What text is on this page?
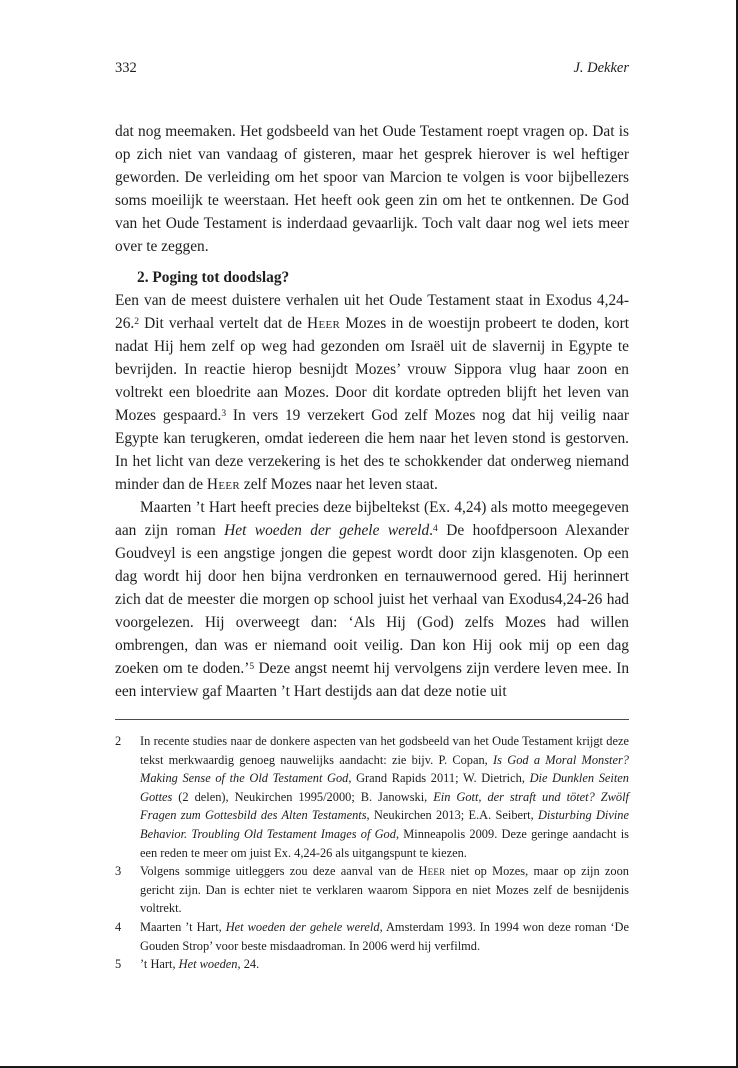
332	J. Dekker

dat nog meemaken. Het godsbeeld van het Oude Testament roept vragen op. Dat is op zich niet van vandaag of gisteren, maar het gesprek hierover is wel heftiger geworden. De verleiding om het spoor van Marcion te volgen is voor bijbellezers soms moeilijk te weerstaan. Het heeft ook geen zin om het te ontkennen. De God van het Oude Testament is inderdaad gevaarlijk. Toch valt daar nog wel iets meer over te zeggen.

2. Poging tot doodslag?

Een van de meest duistere verhalen uit het Oude Testament staat in Exodus 4,24-26.$^2$ Dit verhaal vertelt dat de Heer Mozes in de woestijn probeert te doden, kort nadat Hij hem zelf op weg had gezonden om Israël uit de slavernij in Egypte te bevrijden. In reactie hierop besnijdt Mozes’ vrouw Sippora vlug haar zoon en voltrekt een bloedrite aan Mozes. Door dit kordate optreden blijft het leven van Mozes gespaard.$^3$ In vers 19 verzekert God zelf Mozes nog dat hij veilig naar Egypte kan terugkeren, omdat iedereen die hem naar het leven stond is gestorven. In het licht van deze verzekering is het des te schokkender dat onderweg niemand minder dan de Heer zelf Mozes naar het leven staat.

Maarten ’t Hart heeft precies deze bijbeltekst (Ex. 4,24) als motto meegegeven aan zijn roman Het woeden der gehele wereld.$^4$ De hoofdpersoon Alexander Goudveyl is een angstige jongen die gepest wordt door zijn klasgenoten. Op een dag wordt hij door hen bijna verdronken en ternauwernood gered. Hij herinnert zich dat de meester die morgen op school juist het verhaal van Exodus4,24-26 had voorgelezen. Hij overweegt dan: ‘Als Hij (God) zelfs Mozes had willen ombrengen, dan was er niemand ooit veilig. Dan kon Hij ook mij op een dag zoeken om te doden.’$^5$ Deze angst neemt hij vervolgens zijn verdere leven mee. In een interview gaf Maarten ’t Hart destijds aan dat deze notie uit

2	In recente studies naar de donkere aspecten van het godsbeeld van het Oude Testament krijgt deze tekst merkwaardig genoeg nauwelijks aandacht: zie bijv. P. Copan, Is God a Moral Monster? Making Sense of the Old Testament God, Grand Rapids 2011; W. Dietrich, Die Dunklen Seiten Gottes (2 delen), Neukirchen 1995/2000; B. Janowski, Ein Gott, der straft und tötet? Zwölf Fragen zum Gottesbild des Alten Testaments, Neukirchen 2013; E.A. Seibert, Disturbing Divine Behavior. Troubling Old Testament Images of God, Minneapolis 2009. Deze geringe aandacht is een reden te meer om juist Ex. 4,24-26 als uitgangspunt te kiezen.
3	Volgens sommige uitleggers zou deze aanval van de Heer niet op Mozes, maar op zijn zoon gericht zijn. Dan is echter niet te verklaren waarom Sippora en niet Mozes zelf de besnijdenis voltrekt.
4	Maarten ’t Hart, Het woeden der gehele wereld, Amsterdam 1993. In 1994 won deze roman ‘De Gouden Strop’ voor beste misdaadroman. In 2006 werd hij verfilmd.
5	’t Hart, Het woeden, 24.
